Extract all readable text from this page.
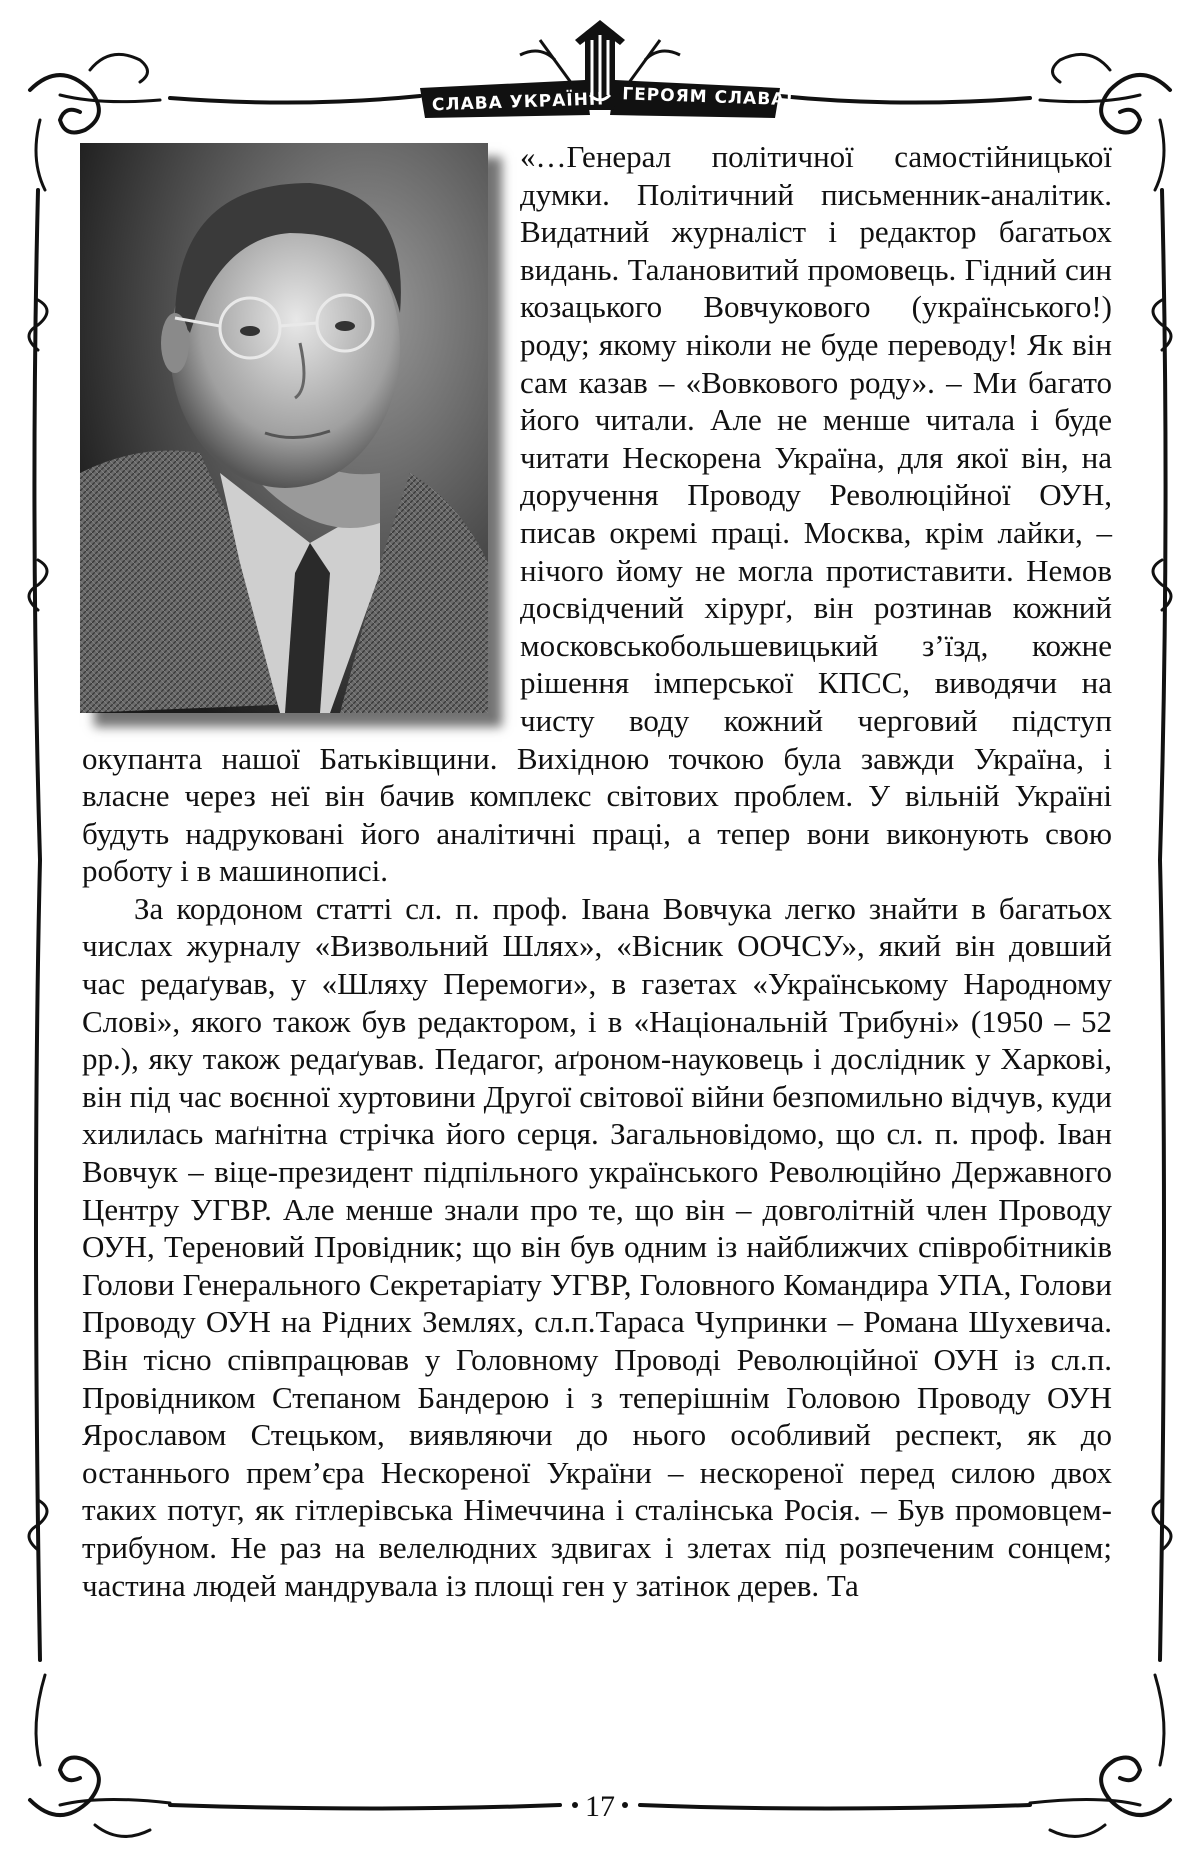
СЛАВА УКРАЇНІ! ГЕРОЯМ СЛАВА!

«…Генерал політичної самостійницької думки. Політичний письменник-аналітик. Видатний журналіст і редактор багатьох видань. Талановитий промовець. Гідний син козацького Вовчукового (українського!) роду; якому ніколи не буде переводу! Як він сам казав – «Вовкового роду». – Ми багато його читали. Але не менше читала і буде читати Нескорена Україна, для якої він, на доручення Проводу Революційної ОУН, писав окремі праці. Москва, крім лайки, – нічого йому не могла протиставити. Немов досвідчений хірурґ, він розтинав кожний московськобольшевицький з’їзд, кожне рішення імперської КПСС, виводячи на чисту воду кожний черговий підступ окупанта нашої Батьківщини. Вихідною точкою була завжди Україна, і власне через неї він бачив комплекс світових проблем. У вільній Україні будуть надруковані його аналітичні праці, а тепер вони виконують свою роботу і в машинописі.

За кордоном статті сл. п. проф. Івана Вовчука легко знайти в багатьох числах журналу «Визвольний Шлях», «Вісник ООЧСУ», який він довший час редаґував, у «Шляху Перемоги», в газетах «Українському Народному Слові», якого також був редактором, і в «Національній Трибуні» (1950 – 52 рр.), яку також редаґував. Педагог, аґроном-науковець і дослідник у Харкові, він під час воєнної хуртовини Другої світової війни безпомильно відчув, куди хилилась маґнітна стрічка його серця. Загальновідомо, що сл. п. проф. Іван Вовчук – віце-президент підпільного українського Революційно Державного Центру УГВР. Але менше знали про те, що він – довголітній член Проводу ОУН, Тереновий Провідник; що він був одним із найближчих співробітників Голови Генерального Секретаріату УГВР, Головного Командира УПА, Голови Проводу ОУН на Рідних Землях, сл.п.Тараса Чупринки – Романа Шухевича. Він тісно співпрацював у Головному Проводі Революційної ОУН із сл.п. Провідником Степаном Бандерою і з теперішнім Головою Проводу ОУН Ярославом Стецьком, виявляючи до нього особливий респект, як до останнього прем’єра Нескореної України – нескореної перед силою двох таких потуг, як гітлерівська Німеччина і сталінська Росія. – Був промовцем-трибуном. Не раз на велелюдних здвигах і злетах під розпеченим сонцем; частина людей мандрувала із площі ген у затінок дерев. Та

17
